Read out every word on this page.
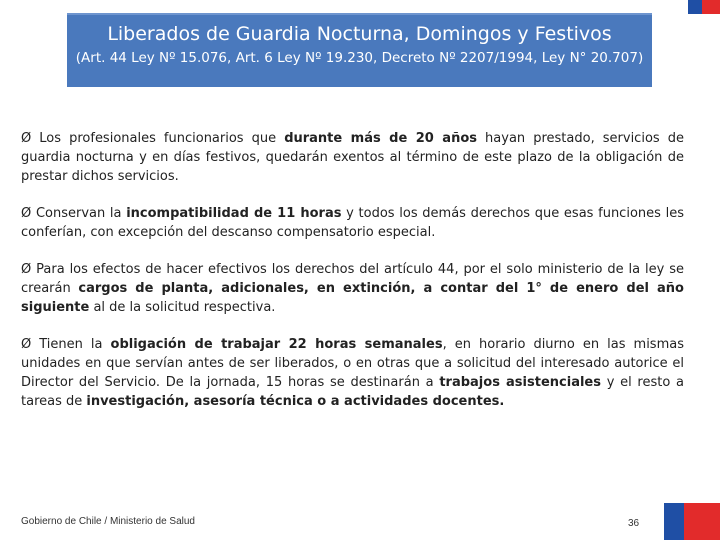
Liberados de Guardia Nocturna, Domingos y Festivos
(Art. 44 Ley Nº 15.076, Art. 6 Ley Nº 19.230, Decreto Nº 2207/1994, Ley N° 20.707)

Ø Los profesionales funcionarios que durante más de 20 años hayan prestado, servicios de guardia nocturna y en días festivos, quedarán exentos al término de este plazo de la obligación de prestar dichos servicios.

Ø Conservan la incompatibilidad de 11 horas y todos los demás derechos que esas funciones les conferían, con excepción del descanso compensatorio especial.

Ø Para los efectos de hacer efectivos los derechos del artículo 44, por el solo ministerio de la ley se crearán cargos de planta, adicionales, en extinción, a contar del 1° de enero del año siguiente al de la solicitud respectiva.

Ø Tienen la obligación de trabajar 22 horas semanales, en horario diurno en las mismas unidades en que servían antes de ser liberados, o en otras que a solicitud del interesado autorice el Director del Servicio. De la jornada, 15 horas se destinarán a trabajos asistenciales y el resto a tareas de investigación, asesoría técnica o a actividades docentes.

Gobierno de Chile / Ministerio de Salud	36
